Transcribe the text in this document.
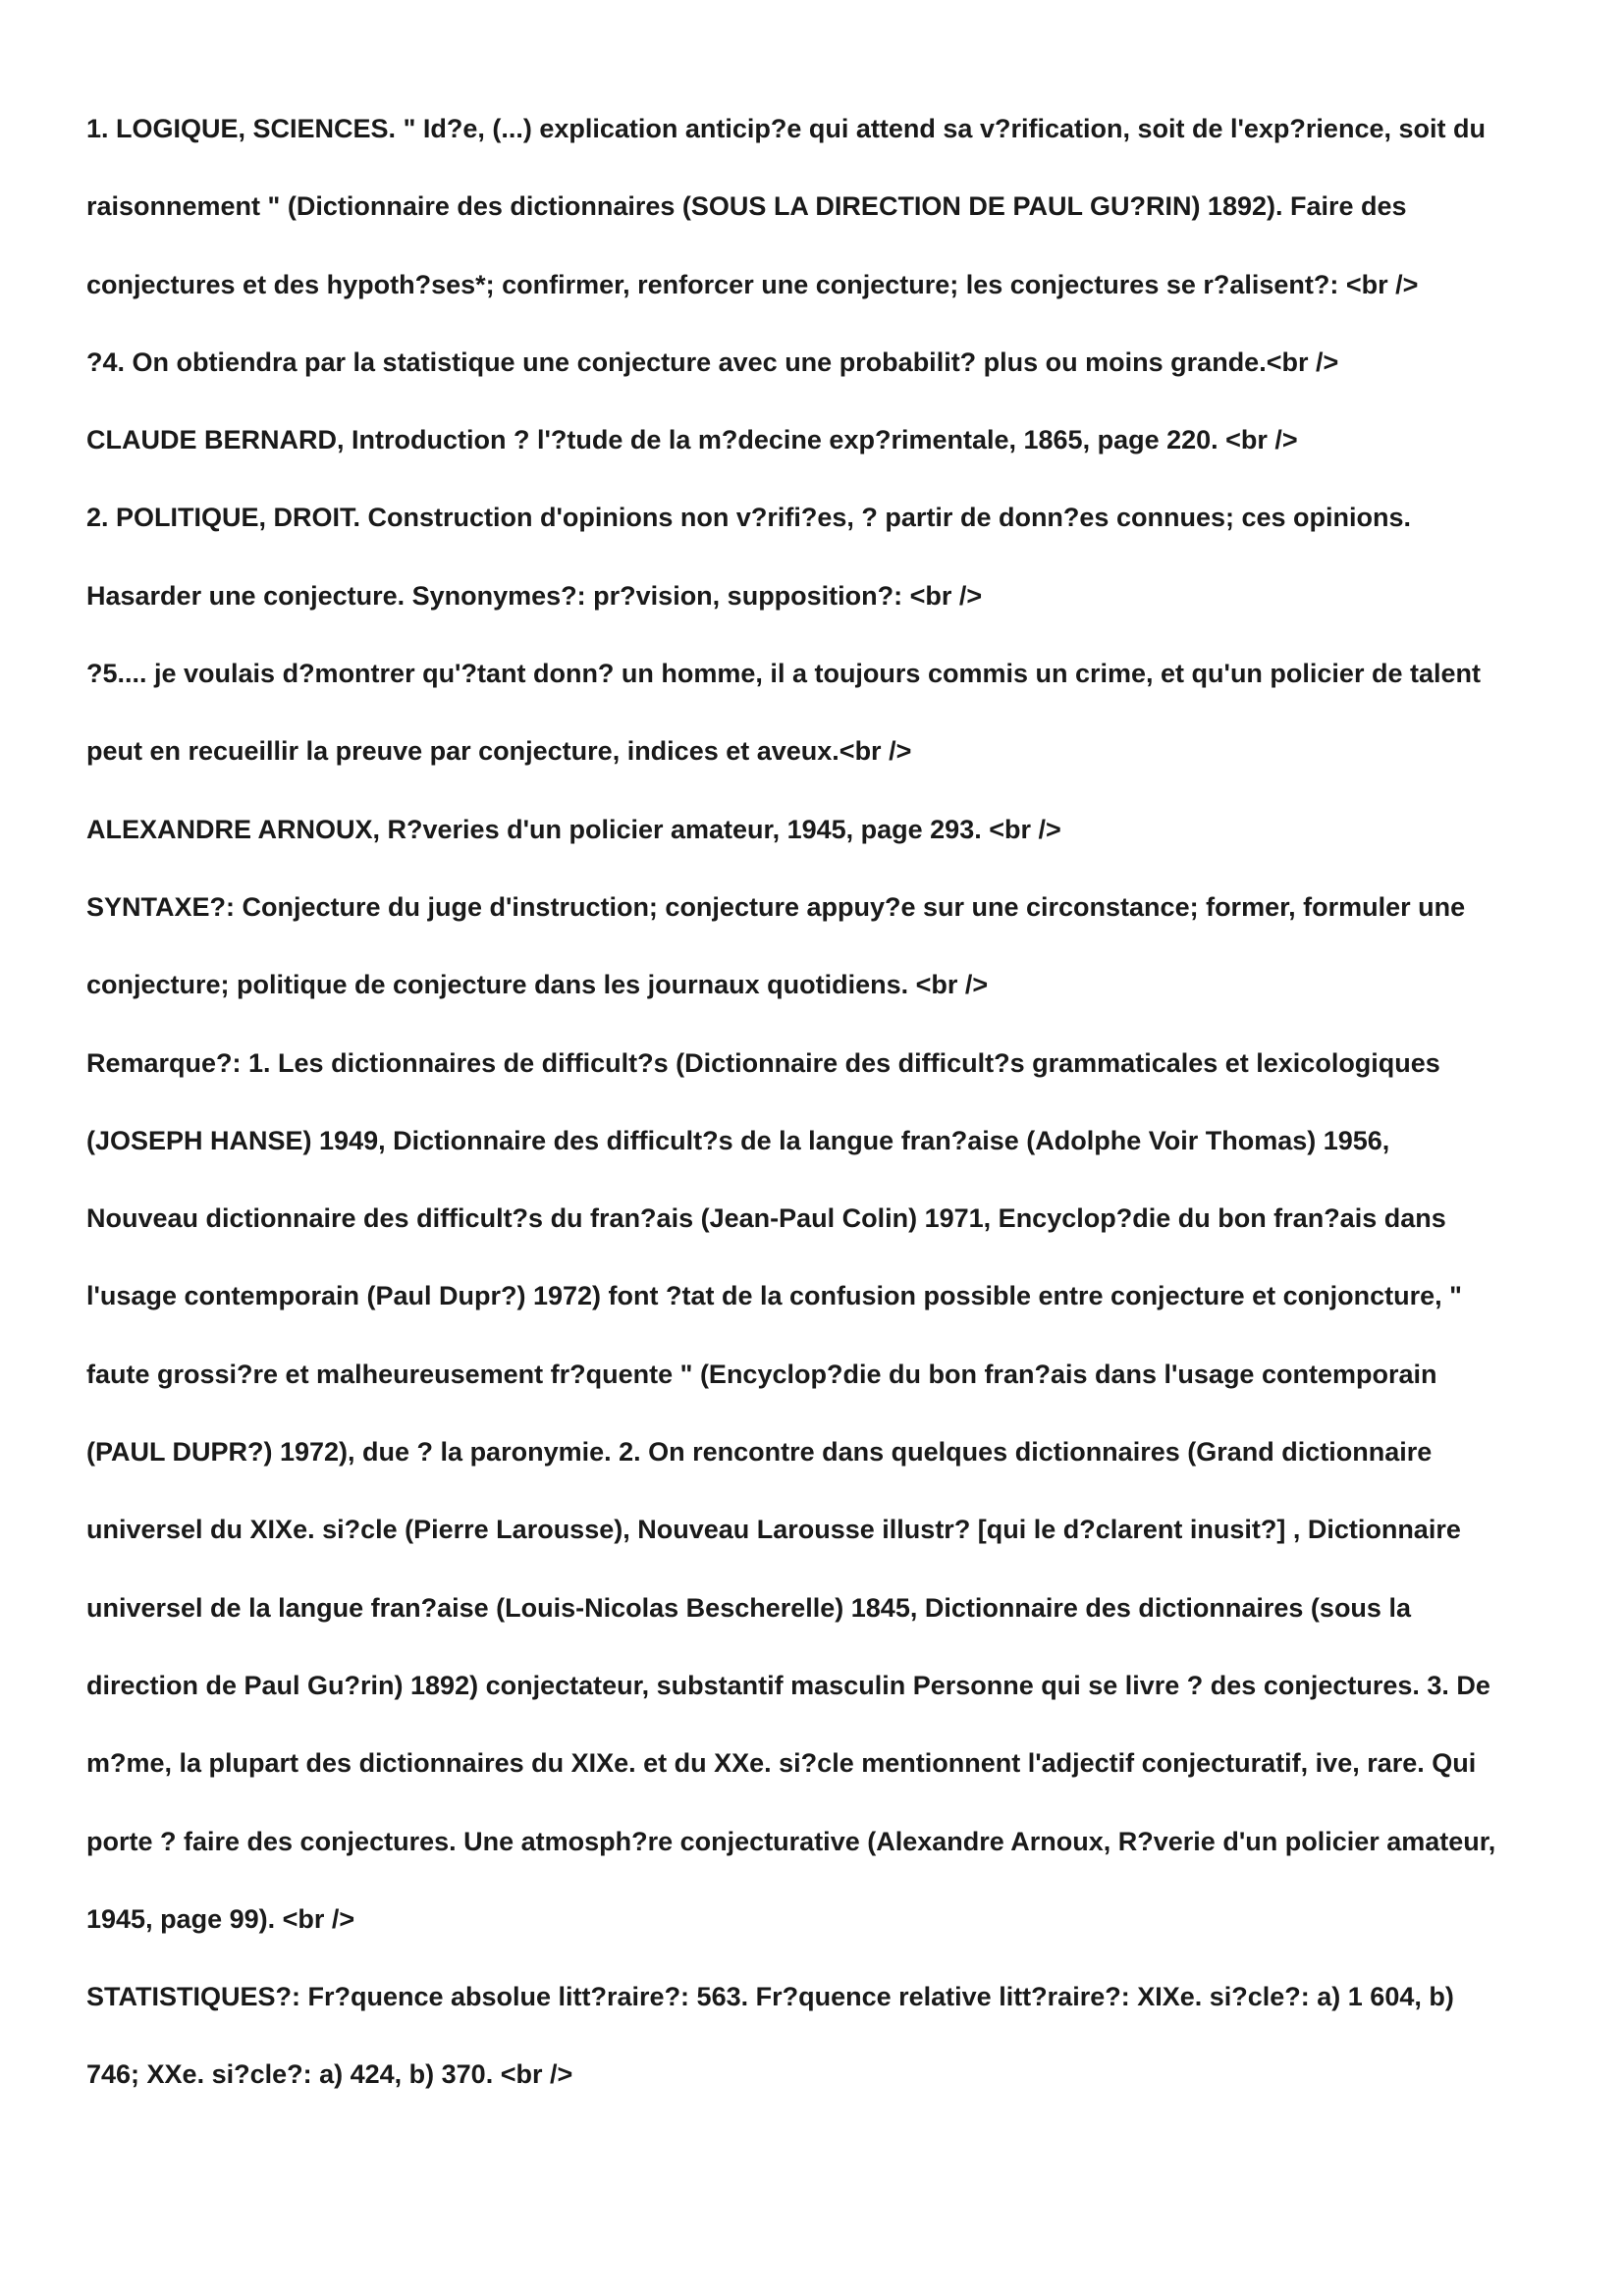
1. LOGIQUE, SCIENCES. " Id?e, (...) explication anticip?e qui attend sa v?rification, soit de l'exp?rience, soit du
raisonnement " (Dictionnaire des dictionnaires (SOUS LA DIRECTION DE PAUL GU?RIN) 1892). Faire des
conjectures et des hypoth?ses*; confirmer, renforcer une conjecture; les conjectures se r?alisent?: <br />
?4. On obtiendra par la statistique une conjecture avec une probabilit? plus ou moins grande.<br />
CLAUDE BERNARD, Introduction ? l'?tude de la m?decine exp?rimentale, 1865, page 220. <br />
2. POLITIQUE, DROIT. Construction d'opinions non v?rifi?es, ? partir de donn?es connues; ces opinions.
Hasarder une conjecture. Synonymes?: pr?vision, supposition?: <br />
?5.... je voulais d?montrer qu'?tant donn? un homme, il a toujours commis un crime, et qu'un policier de talent
peut en recueillir la preuve par conjecture, indices et aveux.<br />
ALEXANDRE ARNOUX, R?veries d'un policier amateur, 1945, page 293. <br />
SYNTAXE?: Conjecture du juge d'instruction; conjecture appuy?e sur une circonstance; former, formuler une
conjecture; politique de conjecture dans les journaux quotidiens. <br />
Remarque?: 1. Les dictionnaires de difficult?s (Dictionnaire des difficult?s grammaticales et lexicologiques
(JOSEPH HANSE) 1949, Dictionnaire des difficult?s de la langue fran?aise (Adolphe Voir Thomas) 1956,
Nouveau dictionnaire des difficult?s du fran?ais (Jean-Paul Colin) 1971, Encyclop?die du bon fran?ais dans
l'usage contemporain (Paul Dupr?) 1972) font ?tat de la confusion possible entre conjecture et conjoncture, "
faute grossi?re et malheureusement fr?quente " (Encyclop?die du bon fran?ais dans l'usage contemporain
(PAUL DUPR?) 1972), due ? la paronymie. 2. On rencontre dans quelques dictionnaires (Grand dictionnaire
universel du XIXe. si?cle (Pierre Larousse), Nouveau Larousse illustr? [qui le d?clarent inusit?] , Dictionnaire
universel de la langue fran?aise (Louis-Nicolas Bescherelle) 1845, Dictionnaire des dictionnaires (sous la
direction de Paul Gu?rin) 1892) conjectateur, substantif masculin Personne qui se livre ? des conjectures. 3. De
m?me, la plupart des dictionnaires du XIXe. et du XXe. si?cle mentionnent l'adjectif conjecturatif, ive, rare. Qui
porte ? faire des conjectures. Une atmosph?re conjecturative (Alexandre Arnoux, R?verie d'un policier amateur,
1945, page 99). <br />
STATISTIQUES?: Fr?quence absolue litt?raire?: 563. Fr?quence relative litt?raire?: XIXe. si?cle?: a) 1 604, b)
746; XXe. si?cle?: a) 424, b) 370. <br />
